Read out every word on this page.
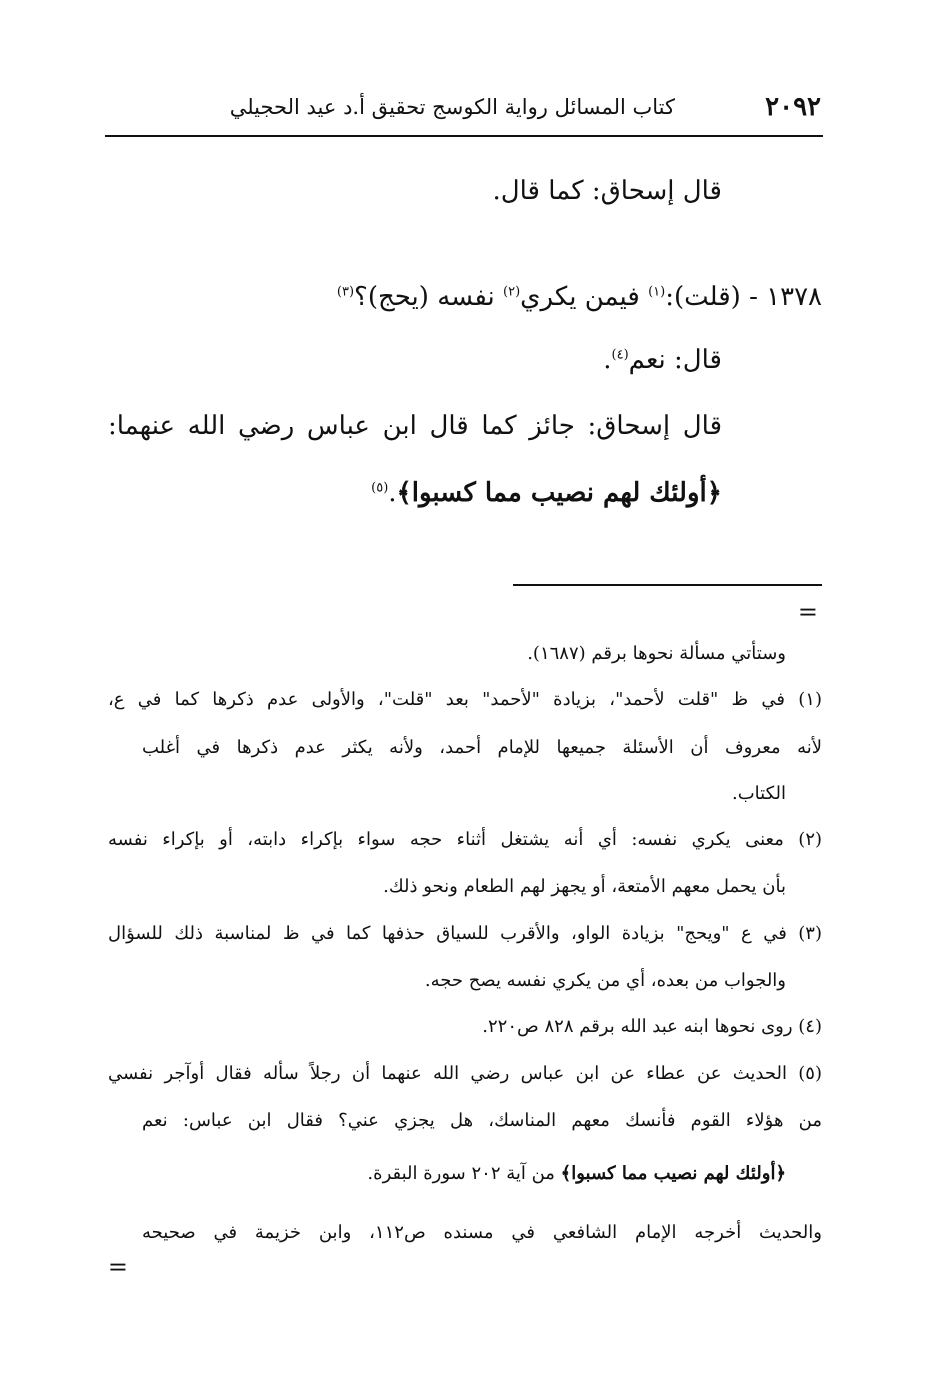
٢٠٩٢
كتاب المسائل رواية الكوسج تحقيق أ.د عيد الحجيلي
قال إسحاق: كما قال.
١٣٧٨ - (قلت):$^{(١)}$ فيمن يكري$^{(٢)}$ نفسه (يحج)؟$^{(٣)}$
قال: نعم$^{(٤)}$.
قال إسحاق: جائز كما قال ابن عباس رضي الله عنهما:
﴿أولئك لهم نصيب مما كسبوا﴾.$^{(٥)}$
=
وستأتي مسألة نحوها برقم (١٦٨٧).
(١) في ظ "قلت لأحمد"، بزيادة "لأحمد" بعد "قلت"، والأولى عدم ذكرها كما في ع،
لأنه معروف أن الأسئلة جميعها للإمام أحمد، ولأنه يكثر عدم ذكرها في أغلب
الكتاب.
(٢) معنى يكري نفسه: أي أنه يشتغل أثناء حجه سواء بإكراء دابته، أو بإكراء نفسه
بأن يحمل معهم الأمتعة، أو يجهز لهم الطعام ونحو ذلك.
(٣) في ع "ويحج" بزيادة الواو، والأقرب للسياق حذفها كما في ظ لمناسبة ذلك للسؤال
والجواب من بعده، أي من يكري نفسه يصح حجه.
(٤) روى نحوها ابنه عبد الله برقم ٨٢٨ ص٢٢٠.
(٥) الحديث عن عطاء عن ابن عباس رضي الله عنهما أن رجلاً سأله فقال أوآجر نفسي
من هؤلاء القوم فأنسك معهم المناسك، هل يجزي عني؟ فقال ابن عباس: نعم
﴿أولئك لهم نصيب مما كسبوا﴾ من آية ٢٠٢ سورة البقرة.
والحديث أخرجه الإمام الشافعي في مسنده ص١١٢، وابن خزيمة في صحيحه
=
